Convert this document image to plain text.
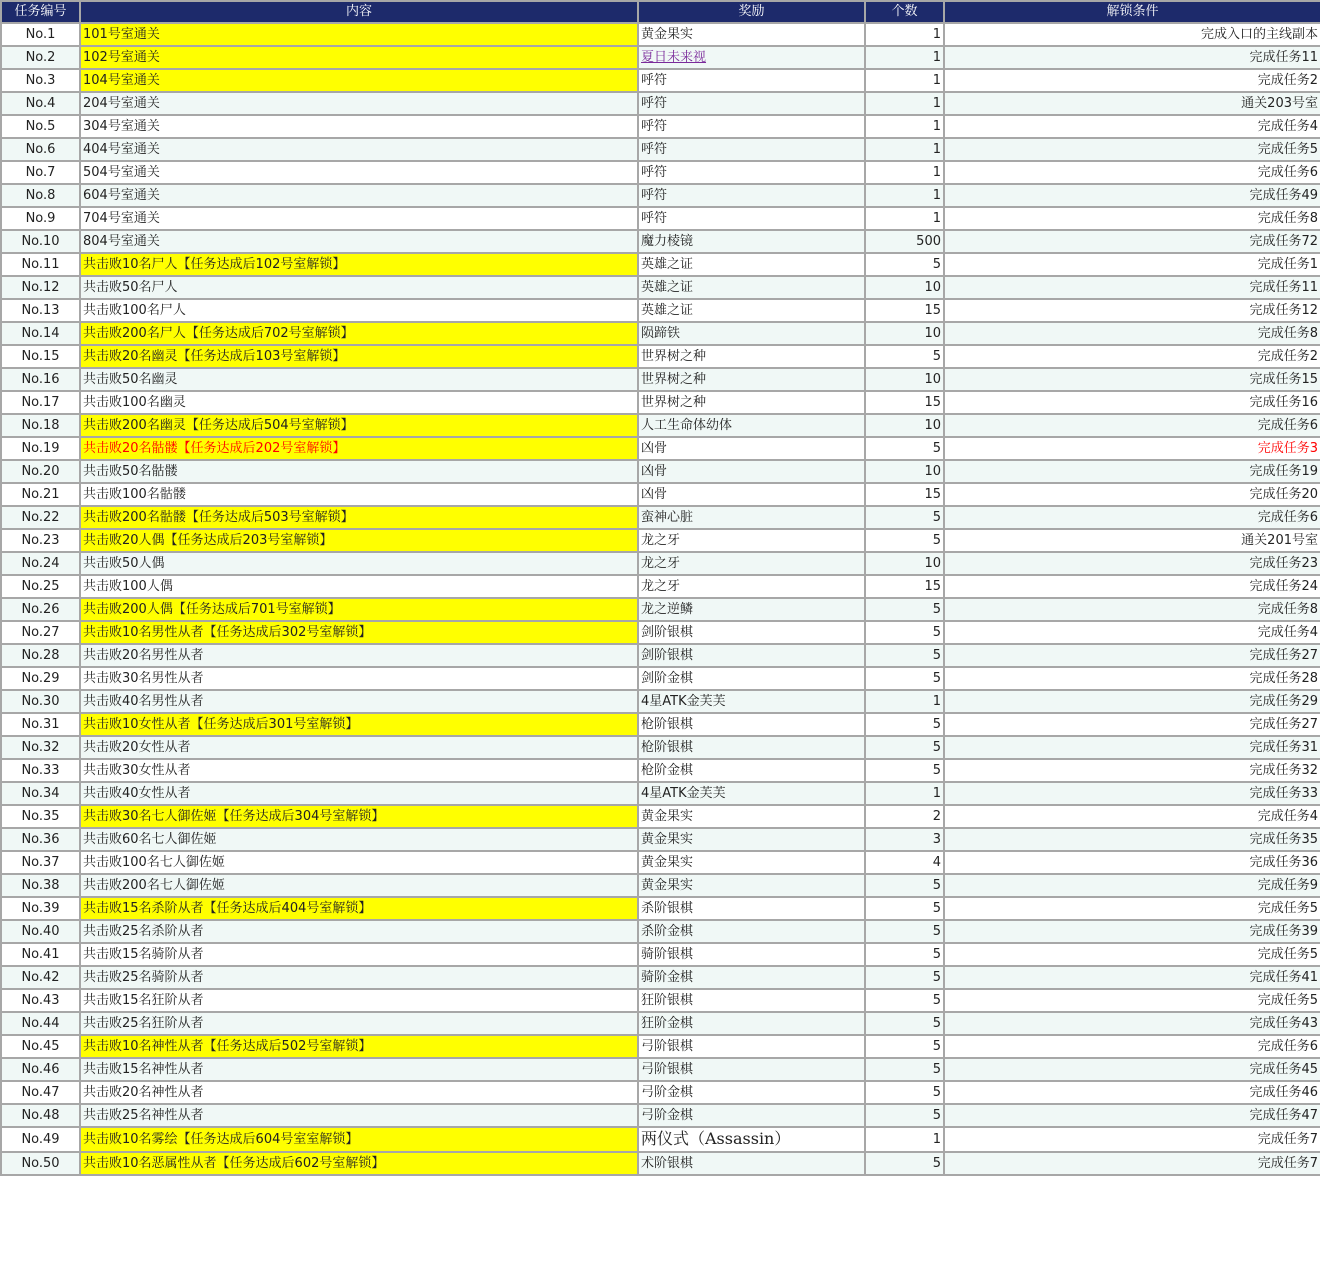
任务编号	内容	奖励	个数	解锁条件
No.1	101号室通关	黄金果实	1	完成入口的主线副本
No.2	102号室通关	夏日未来视	1	完成任务11
No.3	104号室通关	呼符	1	完成任务2
No.4	204号室通关	呼符	1	通关203号室
No.5	304号室通关	呼符	1	完成任务4
No.6	404号室通关	呼符	1	完成任务5
No.7	504号室通关	呼符	1	完成任务6
No.8	604号室通关	呼符	1	完成任务49
No.9	704号室通关	呼符	1	完成任务8
No.10	804号室通关	魔力棱镜	500	完成任务72
No.11	共击败10名尸人【任务达成后102号室解锁】	英雄之证	5	完成任务1
No.12	共击败50名尸人	英雄之证	10	完成任务11
No.13	共击败100名尸人	英雄之证	15	完成任务12
No.14	共击败200名尸人【任务达成后702号室解锁】	陨蹄铁	10	完成任务8
No.15	共击败20名幽灵【任务达成后103号室解锁】	世界树之种	5	完成任务2
No.16	共击败50名幽灵	世界树之种	10	完成任务15
No.17	共击败100名幽灵	世界树之种	15	完成任务16
No.18	共击败200名幽灵【任务达成后504号室解锁】	人工生命体幼体	10	完成任务6
No.19	共击败20名骷髅【任务达成后202号室解锁】	凶骨	5	完成任务3
No.20	共击败50名骷髅	凶骨	10	完成任务19
No.21	共击败100名骷髅	凶骨	15	完成任务20
No.22	共击败200名骷髅【任务达成后503号室解锁】	蛮神心脏	5	完成任务6
No.23	共击败20人偶【任务达成后203号室解锁】	龙之牙	5	通关201号室
No.24	共击败50人偶	龙之牙	10	完成任务23
No.25	共击败100人偶	龙之牙	15	完成任务24
No.26	共击败200人偶【任务达成后701号室解锁】	龙之逆鳞	5	完成任务8
No.27	共击败10名男性从者【任务达成后302号室解锁】	剑阶银棋	5	完成任务4
No.28	共击败20名男性从者	剑阶银棋	5	完成任务27
No.29	共击败30名男性从者	剑阶金棋	5	完成任务28
No.30	共击败40名男性从者	4星ATK金芙芙	1	完成任务29
No.31	共击败10女性从者【任务达成后301号室解锁】	枪阶银棋	5	完成任务27
No.32	共击败20女性从者	枪阶银棋	5	完成任务31
No.33	共击败30女性从者	枪阶金棋	5	完成任务32
No.34	共击败40女性从者	4星ATK金芙芙	1	完成任务33
No.35	共击败30名七人御佐姬【任务达成后304号室解锁】	黄金果实	2	完成任务4
No.36	共击败60名七人御佐姬	黄金果实	3	完成任务35
No.37	共击败100名七人御佐姬	黄金果实	4	完成任务36
No.38	共击败200名七人御佐姬	黄金果实	5	完成任务9
No.39	共击败15名杀阶从者【任务达成后404号室解锁】	杀阶银棋	5	完成任务5
No.40	共击败25名杀阶从者	杀阶金棋	5	完成任务39
No.41	共击败15名骑阶从者	骑阶银棋	5	完成任务5
No.42	共击败25名骑阶从者	骑阶金棋	5	完成任务41
No.43	共击败15名狂阶从者	狂阶银棋	5	完成任务5
No.44	共击败25名狂阶从者	狂阶金棋	5	完成任务43
No.45	共击败10名神性从者【任务达成后502号室解锁】	弓阶银棋	5	完成任务6
No.46	共击败15名神性从者	弓阶银棋	5	完成任务45
No.47	共击败20名神性从者	弓阶金棋	5	完成任务46
No.48	共击败25名神性从者	弓阶金棋	5	完成任务47
No.49	共击败10名雾绘【任务达成后604号室室解锁】	两仪式（Assassin）	1	完成任务7
No.50	共击败10名恶属性从者【任务达成后602号室解锁】	术阶银棋	5	完成任务7
